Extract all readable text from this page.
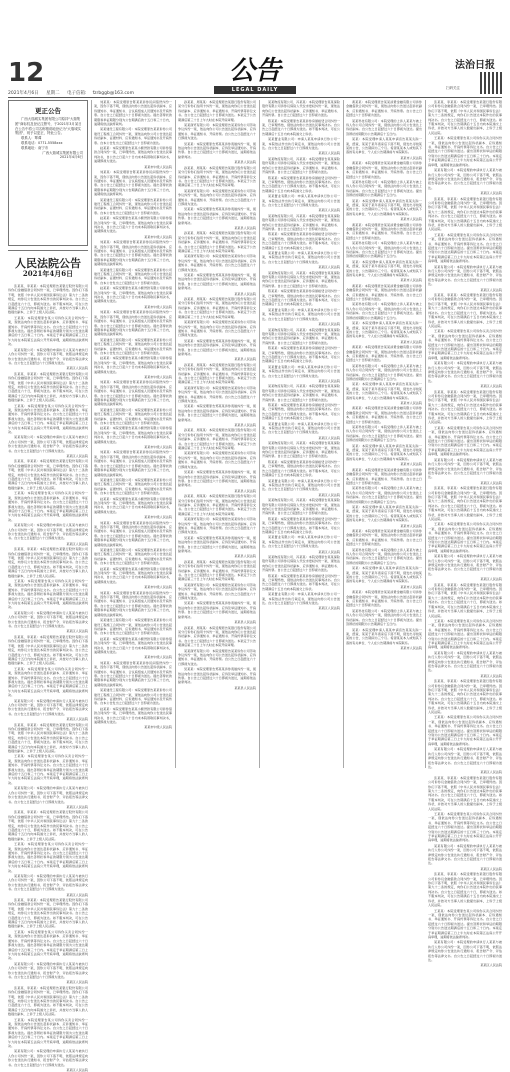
12
2021年4月6日 星期二 电子信箱: fzrbggb@163.com
公告
LEGAL DAILY
法治日报
扫码关注
更正公告

广西大瑞城实集团有限公司原持"大瑞集团"商标权及登记注册号，于2021年3月某日在公告中将公司名称错误地登记为"大瑞城实集团"，现予以更正，特此公告。

联系人：覃谭

联系电话：0771-5558xxx

联系地址：南宁市

广西大瑞城实集团有限公司

2021年4月6日

人民法院公告
2021年4月6日

张某某、李某某：本院受理原告某银行股份有限公司诉你们金融借款合同纠纷一案，已审理终结。因你们下落不明，依照《中华人民共和国民事诉讼法》第九十二条的规定，向你们公告送达本院作出的民事判决书。自公告之日起经过六十日，即视为送达。如不服本判决，可在公告期满后十五日内向本院递交上诉状，并按对方当事人的人数提出副本，上诉于上级人民法院。

王某某：本院受理原告某公司诉你买卖合同纠纷一案，现依法向你公告送达起诉状副本、应诉通知书、举证通知书、开庭传票等诉讼文书。自公告之日起经过六十日即视为送达。提出答辩状和举证的期限分别为公告送达期满后的十五日和三十日内。本案定于举证期满后第三日上午九时在本院第五法庭公开开庭审理，逾期将依法缺席判决。

某某有限公司：本院受理的申请执行人某某与被执行人你公司纠纷一案，因你公司下落不明，依照法律规定向你公告送达执行通知书、报告财产令、评估报告等法律文书。自公告之日起经过六十日即视为送达。

某某区人民法院

张某某、李某某：本院受理原告某银行股份有限公司诉你们金融借款合同纠纷一案，已审理终结。因你们下落不明，依照《中华人民共和国民事诉讼法》第九十二条的规定，向你们公告送达本院作出的民事判决书。自公告之日起经过六十日，即视为送达。如不服本判决，可在公告期满后十五日内向本院递交上诉状，并按对方当事人的人数提出副本，上诉于上级人民法院。

王某某：本院受理原告某公司诉你买卖合同纠纷一案，现依法向你公告送达起诉状副本、应诉通知书、举证通知书、开庭传票等诉讼文书。自公告之日起经过六十日即视为送达。提出答辩状和举证的期限分别为公告送达期满后的十五日和三十日内。本案定于举证期满后第三日上午九时在本院第五法庭公开开庭审理，逾期将依法缺席判决。

某某有限公司：本院受理的申请执行人某某与被执行人你公司纠纷一案，因你公司下落不明，依照法律规定向你公告送达执行通知书、报告财产令、评估报告等法律文书。自公告之日起经过六十日即视为送达。

某某区人民法院

张某某、李某某：本院受理原告某银行股份有限公司诉你们金融借款合同纠纷一案，已审理终结。因你们下落不明，依照《中华人民共和国民事诉讼法》第九十二条的规定，向你们公告送达本院作出的民事判决书。自公告之日起经过六十日，即视为送达。如不服本判决，可在公告期满后十五日内向本院递交上诉状，并按对方当事人的人数提出副本，上诉于上级人民法院。

王某某：本院受理原告某公司诉你买卖合同纠纷一案，现依法向你公告送达起诉状副本、应诉通知书、举证通知书、开庭传票等诉讼文书。自公告之日起经过六十日即视为送达。提出答辩状和举证的期限分别为公告送达期满后的十五日和三十日内。本案定于举证期满后第三日上午九时在本院第五法庭公开开庭审理，逾期将依法缺席判决。

某某有限公司：本院受理的申请执行人某某与被执行人你公司纠纷一案，因你公司下落不明，依照法律规定向你公告送达执行通知书、报告财产令、评估报告等法律文书。自公告之日起经过六十日即视为送达。

某某区人民法院

张某某、李某某：本院受理原告某银行股份有限公司诉你们金融借款合同纠纷一案，已审理终结。因你们下落不明，依照《中华人民共和国民事诉讼法》第九十二条的规定，向你们公告送达本院作出的民事判决书。自公告之日起经过六十日，即视为送达。如不服本判决，可在公告期满后十五日内向本院递交上诉状，并按对方当事人的人数提出副本，上诉于上级人民法院。

王某某：本院受理原告某公司诉你买卖合同纠纷一案，现依法向你公告送达起诉状副本、应诉通知书、举证通知书、开庭传票等诉讼文书。自公告之日起经过六十日即视为送达。提出答辩状和举证的期限分别为公告送达期满后的十五日和三十日内。本案定于举证期满后第三日上午九时在本院第五法庭公开开庭审理，逾期将依法缺席判决。

某某有限公司：本院受理的申请执行人某某与被执行人你公司纠纷一案，因你公司下落不明，依照法律规定向你公告送达执行通知书、报告财产令、评估报告等法律文书。自公告之日起经过六十日即视为送达。

某某区人民法院

张某某、李某某：本院受理原告某银行股份有限公司诉你们金融借款合同纠纷一案，已审理终结。因你们下落不明，依照《中华人民共和国民事诉讼法》第九十二条的规定，向你们公告送达本院作出的民事判决书。自公告之日起经过六十日，即视为送达。如不服本判决，可在公告期满后十五日内向本院递交上诉状，并按对方当事人的人数提出副本，上诉于上级人民法院。

王某某：本院受理原告某公司诉你买卖合同纠纷一案，现依法向你公告送达起诉状副本、应诉通知书、举证通知书、开庭传票等诉讼文书。自公告之日起经过六十日即视为送达。提出答辩状和举证的期限分别为公告送达期满后的十五日和三十日内。本案定于举证期满后第三日上午九时在本院第五法庭公开开庭审理，逾期将依法缺席判决。

某某有限公司：本院受理的申请执行人某某与被执行人你公司纠纷一案，因你公司下落不明，依照法律规定向你公告送达执行通知书、报告财产令、评估报告等法律文书。自公告之日起经过六十日即视为送达。

某某区人民法院

张某某、李某某：本院受理原告某银行股份有限公司诉你们金融借款合同纠纷一案，已审理终结。因你们下落不明，依照《中华人民共和国民事诉讼法》第九十二条的规定，向你们公告送达本院作出的民事判决书。自公告之日起经过六十日，即视为送达。如不服本判决，可在公告期满后十五日内向本院递交上诉状，并按对方当事人的人数提出副本，上诉于上级人民法院。

王某某：本院受理原告某公司诉你买卖合同纠纷一案，现依法向你公告送达起诉状副本、应诉通知书、举证通知书、开庭传票等诉讼文书。自公告之日起经过六十日即视为送达。提出答辩状和举证的期限分别为公告送达期满后的十五日和三十日内。本案定于举证期满后第三日上午九时在本院第五法庭公开开庭审理，逾期将依法缺席判决。

某某有限公司：本院受理的申请执行人某某与被执行人你公司纠纷一案，因你公司下落不明，依照法律规定向你公告送达执行通知书、报告财产令、评估报告等法律文书。自公告之日起经过六十日即视为送达。

某某区人民法院

张某某、李某某：本院受理原告某银行股份有限公司诉你们金融借款合同纠纷一案，已审理终结。因你们下落不明，依照《中华人民共和国民事诉讼法》第九十二条的规定，向你们公告送达本院作出的民事判决书。自公告之日起经过六十日，即视为送达。如不服本判决，可在公告期满后十五日内向本院递交上诉状，并按对方当事人的人数提出副本，上诉于上级人民法院。

王某某：本院受理原告某公司诉你买卖合同纠纷一案，现依法向你公告送达起诉状副本、应诉通知书、举证通知书、开庭传票等诉讼文书。自公告之日起经过六十日即视为送达。提出答辩状和举证的期限分别为公告送达期满后的十五日和三十日内。本案定于举证期满后第三日上午九时在本院第五法庭公开开庭审理，逾期将依法缺席判决。

某某有限公司：本院受理的申请执行人某某与被执行人你公司纠纷一案，因你公司下落不明，依照法律规定向你公告送达执行通知书、报告财产令、评估报告等法律文书。自公告之日起经过六十日即视为送达。

某某区人民法院

张某某、李某某：本院受理原告某银行股份有限公司诉你们金融借款合同纠纷一案，已审理终结。因你们下落不明，依照《中华人民共和国民事诉讼法》第九十二条的规定，向你们公告送达本院作出的民事判决书。自公告之日起经过六十日，即视为送达。如不服本判决，可在公告期满后十五日内向本院递交上诉状，并按对方当事人的人数提出副本，上诉于上级人民法院。

王某某：本院受理原告某公司诉你买卖合同纠纷一案，现依法向你公告送达起诉状副本、应诉通知书、举证通知书、开庭传票等诉讼文书。自公告之日起经过六十日即视为送达。提出答辩状和举证的期限分别为公告送达期满后的十五日和三十日内。本案定于举证期满后第三日上午九时在本院第五法庭公开开庭审理，逾期将依法缺席判决。

某某有限公司：本院受理的申请执行人某某与被执行人你公司纠纷一案，因你公司下落不明，依照法律规定向你公告送达执行通知书、报告财产令、评估报告等法律文书。自公告之日起经过六十日即视为送达。

某某区人民法院

张某某、李某某：本院受理原告某银行股份有限公司诉你们金融借款合同纠纷一案，已审理终结。因你们下落不明，依照《中华人民共和国民事诉讼法》第九十二条的规定，向你们公告送达本院作出的民事判决书。自公告之日起经过六十日，即视为送达。如不服本判决，可在公告期满后十五日内向本院递交上诉状，并按对方当事人的人数提出副本，上诉于上级人民法院。

王某某：本院受理原告某公司诉你买卖合同纠纷一案，现依法向你公告送达起诉状副本、应诉通知书、举证通知书、开庭传票等诉讼文书。自公告之日起经过六十日即视为送达。提出答辩状和举证的期限分别为公告送达期满后的十五日和三十日内。本案定于举证期满后第三日上午九时在本院第五法庭公开开庭审理，逾期将依法缺席判决。

某某有限公司：本院受理的申请执行人某某与被执行人你公司纠纷一案，因你公司下落不明，依照法律规定向你公告送达执行通知书、报告财产令、评估报告等法律文书。自公告之日起经过六十日即视为送达。

某某区人民法院

刘某某：本院受理原告陈某某诉你民间借贷纠纷一案，因你下落不明，现依法向你公告送达起诉状副本、应诉通知书、举证通知书、合议庭组成人员通知书及开庭传票。自公告之日起经过六十日即视为送达。提出答辩状的期限和举证期限分别为公告期满后的十五日和三十日内，逾期将依法缺席裁判。

某某建设工程有限公司：本院受理原告某某诉你公司建设工程施工合同纠纷一案，现依法向你公司公告送达起诉状副本、证据材料、应诉通知书、举证通知书及开庭传票。自本公告发出之日起经过六十日即视为送达。

赵某某：本院受理原告某某小额贷款有限公司诉你借款合同纠纷一案，已审理终结，现依法向你公告送达民事判决书，自公告之日起六十日内来本院领取民事判决书，逾期即视为送达。

某某市中级人民法院

刘某某：本院受理原告陈某某诉你民间借贷纠纷一案，因你下落不明，现依法向你公告送达起诉状副本、应诉通知书、举证通知书、合议庭组成人员通知书及开庭传票。自公告之日起经过六十日即视为送达。提出答辩状的期限和举证期限分别为公告期满后的十五日和三十日内，逾期将依法缺席裁判。

某某建设工程有限公司：本院受理原告某某诉你公司建设工程施工合同纠纷一案，现依法向你公司公告送达起诉状副本、证据材料、应诉通知书、举证通知书及开庭传票。自本公告发出之日起经过六十日即视为送达。

赵某某：本院受理原告某某小额贷款有限公司诉你借款合同纠纷一案，已审理终结，现依法向你公告送达民事判决书，自公告之日起六十日内来本院领取民事判决书，逾期即视为送达。

某某市中级人民法院

刘某某：本院受理原告陈某某诉你民间借贷纠纷一案，因你下落不明，现依法向你公告送达起诉状副本、应诉通知书、举证通知书、合议庭组成人员通知书及开庭传票。自公告之日起经过六十日即视为送达。提出答辩状的期限和举证期限分别为公告期满后的十五日和三十日内，逾期将依法缺席裁判。

某某建设工程有限公司：本院受理原告某某诉你公司建设工程施工合同纠纷一案，现依法向你公司公告送达起诉状副本、证据材料、应诉通知书、举证通知书及开庭传票。自本公告发出之日起经过六十日即视为送达。

赵某某：本院受理原告某某小额贷款有限公司诉你借款合同纠纷一案，已审理终结，现依法向你公告送达民事判决书，自公告之日起六十日内来本院领取民事判决书，逾期即视为送达。

某某市中级人民法院

刘某某：本院受理原告陈某某诉你民间借贷纠纷一案，因你下落不明，现依法向你公告送达起诉状副本、应诉通知书、举证通知书、合议庭组成人员通知书及开庭传票。自公告之日起经过六十日即视为送达。提出答辩状的期限和举证期限分别为公告期满后的十五日和三十日内，逾期将依法缺席裁判。

某某建设工程有限公司：本院受理原告某某诉你公司建设工程施工合同纠纷一案，现依法向你公司公告送达起诉状副本、证据材料、应诉通知书、举证通知书及开庭传票。自本公告发出之日起经过六十日即视为送达。

赵某某：本院受理原告某某小额贷款有限公司诉你借款合同纠纷一案，已审理终结，现依法向你公告送达民事判决书，自公告之日起六十日内来本院领取民事判决书，逾期即视为送达。

某某市中级人民法院

刘某某：本院受理原告陈某某诉你民间借贷纠纷一案，因你下落不明，现依法向你公告送达起诉状副本、应诉通知书、举证通知书、合议庭组成人员通知书及开庭传票。自公告之日起经过六十日即视为送达。提出答辩状的期限和举证期限分别为公告期满后的十五日和三十日内，逾期将依法缺席裁判。

某某建设工程有限公司：本院受理原告某某诉你公司建设工程施工合同纠纷一案，现依法向你公司公告送达起诉状副本、证据材料、应诉通知书、举证通知书及开庭传票。自本公告发出之日起经过六十日即视为送达。

赵某某：本院受理原告某某小额贷款有限公司诉你借款合同纠纷一案，已审理终结，现依法向你公告送达民事判决书，自公告之日起六十日内来本院领取民事判决书，逾期即视为送达。

某某市中级人民法院

刘某某：本院受理原告陈某某诉你民间借贷纠纷一案，因你下落不明，现依法向你公告送达起诉状副本、应诉通知书、举证通知书、合议庭组成人员通知书及开庭传票。自公告之日起经过六十日即视为送达。提出答辩状的期限和举证期限分别为公告期满后的十五日和三十日内，逾期将依法缺席裁判。

某某建设工程有限公司：本院受理原告某某诉你公司建设工程施工合同纠纷一案，现依法向你公司公告送达起诉状副本、证据材料、应诉通知书、举证通知书及开庭传票。自本公告发出之日起经过六十日即视为送达。

赵某某：本院受理原告某某小额贷款有限公司诉你借款合同纠纷一案，已审理终结，现依法向你公告送达民事判决书，自公告之日起六十日内来本院领取民事判决书，逾期即视为送达。

某某市中级人民法院

刘某某：本院受理原告陈某某诉你民间借贷纠纷一案，因你下落不明，现依法向你公告送达起诉状副本、应诉通知书、举证通知书、合议庭组成人员通知书及开庭传票。自公告之日起经过六十日即视为送达。提出答辩状的期限和举证期限分别为公告期满后的十五日和三十日内，逾期将依法缺席裁判。

某某建设工程有限公司：本院受理原告某某诉你公司建设工程施工合同纠纷一案，现依法向你公司公告送达起诉状副本、证据材料、应诉通知书、举证通知书及开庭传票。自本公告发出之日起经过六十日即视为送达。

赵某某：本院受理原告某某小额贷款有限公司诉你借款合同纠纷一案，已审理终结，现依法向你公告送达民事判决书，自公告之日起六十日内来本院领取民事判决书，逾期即视为送达。

某某市中级人民法院

刘某某：本院受理原告陈某某诉你民间借贷纠纷一案，因你下落不明，现依法向你公告送达起诉状副本、应诉通知书、举证通知书、合议庭组成人员通知书及开庭传票。自公告之日起经过六十日即视为送达。提出答辩状的期限和举证期限分别为公告期满后的十五日和三十日内，逾期将依法缺席裁判。

某某建设工程有限公司：本院受理原告某某诉你公司建设工程施工合同纠纷一案，现依法向你公司公告送达起诉状副本、证据材料、应诉通知书、举证通知书及开庭传票。自本公告发出之日起经过六十日即视为送达。

赵某某：本院受理原告某某小额贷款有限公司诉你借款合同纠纷一案，已审理终结，现依法向你公告送达民事判决书，自公告之日起六十日内来本院领取民事判决书，逾期即视为送达。

某某市中级人民法院

刘某某：本院受理原告陈某某诉你民间借贷纠纷一案，因你下落不明，现依法向你公告送达起诉状副本、应诉通知书、举证通知书、合议庭组成人员通知书及开庭传票。自公告之日起经过六十日即视为送达。提出答辩状的期限和举证期限分别为公告期满后的十五日和三十日内，逾期将依法缺席裁判。

某某建设工程有限公司：本院受理原告某某诉你公司建设工程施工合同纠纷一案，现依法向你公司公告送达起诉状副本、证据材料、应诉通知书、举证通知书及开庭传票。自本公告发出之日起经过六十日即视为送达。

赵某某：本院受理原告某某小额贷款有限公司诉你借款合同纠纷一案，已审理终结，现依法向你公告送达民事判决书，自公告之日起六十日内来本院领取民事判决书，逾期即视为送达。

某某市中级人民法院

孙某某、周某某：本院受理原告某银行股份有限公司某分行诉你们信用卡纠纷一案，现依法向你们公告送达起诉状副本、应诉通知书、举证通知书、开庭传票等诉讼文书。自公告之日起经过六十日即视为送达。本案定于公告期满后第三十日上午九时在本院开庭审理。

某某商贸有限公司：本院受理原告某某诉你公司劳动争议纠纷一案，依法向你公司公告送达起诉状副本、应诉通知书、举证通知书、开庭传票。自公告之日起经过六十日即视为送达。

吴某某：本院受理原告郑某某诉你离婚纠纷一案，现依法向你公告送达起诉状副本、应诉及举证通知书、开庭传票。自公告之日起经过六十日即视为送达，逾期将依法缺席判决。

某某县人民法院

孙某某、周某某：本院受理原告某银行股份有限公司某分行诉你们信用卡纠纷一案，现依法向你们公告送达起诉状副本、应诉通知书、举证通知书、开庭传票等诉讼文书。自公告之日起经过六十日即视为送达。本案定于公告期满后第三十日上午九时在本院开庭审理。

某某商贸有限公司：本院受理原告某某诉你公司劳动争议纠纷一案，依法向你公司公告送达起诉状副本、应诉通知书、举证通知书、开庭传票。自公告之日起经过六十日即视为送达。

吴某某：本院受理原告郑某某诉你离婚纠纷一案，现依法向你公告送达起诉状副本、应诉及举证通知书、开庭传票。自公告之日起经过六十日即视为送达，逾期将依法缺席判决。

某某县人民法院

孙某某、周某某：本院受理原告某银行股份有限公司某分行诉你们信用卡纠纷一案，现依法向你们公告送达起诉状副本、应诉通知书、举证通知书、开庭传票等诉讼文书。自公告之日起经过六十日即视为送达。本案定于公告期满后第三十日上午九时在本院开庭审理。

某某商贸有限公司：本院受理原告某某诉你公司劳动争议纠纷一案，依法向你公司公告送达起诉状副本、应诉通知书、举证通知书、开庭传票。自公告之日起经过六十日即视为送达。

吴某某：本院受理原告郑某某诉你离婚纠纷一案，现依法向你公告送达起诉状副本、应诉及举证通知书、开庭传票。自公告之日起经过六十日即视为送达，逾期将依法缺席判决。

某某县人民法院

孙某某、周某某：本院受理原告某银行股份有限公司某分行诉你们信用卡纠纷一案，现依法向你们公告送达起诉状副本、应诉通知书、举证通知书、开庭传票等诉讼文书。自公告之日起经过六十日即视为送达。本案定于公告期满后第三十日上午九时在本院开庭审理。

某某商贸有限公司：本院受理原告某某诉你公司劳动争议纠纷一案，依法向你公司公告送达起诉状副本、应诉通知书、举证通知书、开庭传票。自公告之日起经过六十日即视为送达。

吴某某：本院受理原告郑某某诉你离婚纠纷一案，现依法向你公告送达起诉状副本、应诉及举证通知书、开庭传票。自公告之日起经过六十日即视为送达，逾期将依法缺席判决。

某某县人民法院

孙某某、周某某：本院受理原告某银行股份有限公司某分行诉你们信用卡纠纷一案，现依法向你们公告送达起诉状副本、应诉通知书、举证通知书、开庭传票等诉讼文书。自公告之日起经过六十日即视为送达。本案定于公告期满后第三十日上午九时在本院开庭审理。

某某商贸有限公司：本院受理原告某某诉你公司劳动争议纠纷一案，依法向你公司公告送达起诉状副本、应诉通知书、举证通知书、开庭传票。自公告之日起经过六十日即视为送达。

吴某某：本院受理原告郑某某诉你离婚纠纷一案，现依法向你公告送达起诉状副本、应诉及举证通知书、开庭传票。自公告之日起经过六十日即视为送达，逾期将依法缺席判决。

某某县人民法院

孙某某、周某某：本院受理原告某银行股份有限公司某分行诉你们信用卡纠纷一案，现依法向你们公告送达起诉状副本、应诉通知书、举证通知书、开庭传票等诉讼文书。自公告之日起经过六十日即视为送达。本案定于公告期满后第三十日上午九时在本院开庭审理。

某某商贸有限公司：本院受理原告某某诉你公司劳动争议纠纷一案，依法向你公司公告送达起诉状副本、应诉通知书、举证通知书、开庭传票。自公告之日起经过六十日即视为送达。

吴某某：本院受理原告郑某某诉你离婚纠纷一案，现依法向你公告送达起诉状副本、应诉及举证通知书、开庭传票。自公告之日起经过六十日即视为送达，逾期将依法缺席判决。

某某县人民法院

孙某某、周某某：本院受理原告某银行股份有限公司某分行诉你们信用卡纠纷一案，现依法向你们公告送达起诉状副本、应诉通知书、举证通知书、开庭传票等诉讼文书。自公告之日起经过六十日即视为送达。本案定于公告期满后第三十日上午九时在本院开庭审理。

某某商贸有限公司：本院受理原告某某诉你公司劳动争议纠纷一案，依法向你公司公告送达起诉状副本、应诉通知书、举证通知书、开庭传票。自公告之日起经过六十日即视为送达。

吴某某：本院受理原告郑某某诉你离婚纠纷一案，现依法向你公告送达起诉状副本、应诉及举证通知书、开庭传票。自公告之日起经过六十日即视为送达，逾期将依法缺席判决。

某某县人民法院

孙某某、周某某：本院受理原告某银行股份有限公司某分行诉你们信用卡纠纷一案，现依法向你们公告送达起诉状副本、应诉通知书、举证通知书、开庭传票等诉讼文书。自公告之日起经过六十日即视为送达。本案定于公告期满后第三十日上午九时在本院开庭审理。

某某商贸有限公司：本院受理原告某某诉你公司劳动争议纠纷一案，依法向你公司公告送达起诉状副本、应诉通知书、举证通知书、开庭传票。自公告之日起经过六十日即视为送达。

吴某某：本院受理原告郑某某诉你离婚纠纷一案，现依法向你公告送达起诉状副本、应诉及举证通知书、开庭传票。自公告之日起经过六十日即视为送达，逾期将依法缺席判决。

某某县人民法院

孙某某、周某某：本院受理原告某银行股份有限公司某分行诉你们信用卡纠纷一案，现依法向你们公告送达起诉状副本、应诉通知书、举证通知书、开庭传票等诉讼文书。自公告之日起经过六十日即视为送达。本案定于公告期满后第三十日上午九时在本院开庭审理。

某某商贸有限公司：本院受理原告某某诉你公司劳动争议纠纷一案，依法向你公司公告送达起诉状副本、应诉通知书、举证通知书、开庭传票。自公告之日起经过六十日即视为送达。

吴某某：本院受理原告郑某某诉你离婚纠纷一案，现依法向你公告送达起诉状副本、应诉及举证通知书、开庭传票。自公告之日起经过六十日即视为送达，逾期将依法缺席判决。

某某县人民法院

某某物流有限公司、冯某某：本院受理原告某某保险股份有限公司诉你们保险人代位求偿权纠纷一案，现依法向你们公告送达起诉状副本、应诉通知书、举证通知书、开庭传票。自公告之日起经过六十日即视为送达。

陈某某：本院受理原告某某诉你房屋租赁合同纠纷一案，已审理终结，现依法向你公告送达民事判决书。自公告之日起经过六十日即视为送达。如不服本判决，可在公告期满后十五日内向本院递交上诉状。

某某置业有限公司：申请人某某申请执行你公司一案，本院依法作出执行裁定书，现依法向你公司公告送达。自公告之日起经过六十日即视为送达。

某某区人民法院

某某物流有限公司、冯某某：本院受理原告某某保险股份有限公司诉你们保险人代位求偿权纠纷一案，现依法向你们公告送达起诉状副本、应诉通知书、举证通知书、开庭传票。自公告之日起经过六十日即视为送达。

陈某某：本院受理原告某某诉你房屋租赁合同纠纷一案，已审理终结，现依法向你公告送达民事判决书。自公告之日起经过六十日即视为送达。如不服本判决，可在公告期满后十五日内向本院递交上诉状。

某某置业有限公司：申请人某某申请执行你公司一案，本院依法作出执行裁定书，现依法向你公司公告送达。自公告之日起经过六十日即视为送达。

某某区人民法院

某某物流有限公司、冯某某：本院受理原告某某保险股份有限公司诉你们保险人代位求偿权纠纷一案，现依法向你们公告送达起诉状副本、应诉通知书、举证通知书、开庭传票。自公告之日起经过六十日即视为送达。

陈某某：本院受理原告某某诉你房屋租赁合同纠纷一案，已审理终结，现依法向你公告送达民事判决书。自公告之日起经过六十日即视为送达。如不服本判决，可在公告期满后十五日内向本院递交上诉状。

某某置业有限公司：申请人某某申请执行你公司一案，本院依法作出执行裁定书，现依法向你公司公告送达。自公告之日起经过六十日即视为送达。

某某区人民法院

某某物流有限公司、冯某某：本院受理原告某某保险股份有限公司诉你们保险人代位求偿权纠纷一案，现依法向你们公告送达起诉状副本、应诉通知书、举证通知书、开庭传票。自公告之日起经过六十日即视为送达。

陈某某：本院受理原告某某诉你房屋租赁合同纠纷一案，已审理终结，现依法向你公告送达民事判决书。自公告之日起经过六十日即视为送达。如不服本判决，可在公告期满后十五日内向本院递交上诉状。

某某置业有限公司：申请人某某申请执行你公司一案，本院依法作出执行裁定书，现依法向你公司公告送达。自公告之日起经过六十日即视为送达。

某某区人民法院

某某物流有限公司、冯某某：本院受理原告某某保险股份有限公司诉你们保险人代位求偿权纠纷一案，现依法向你们公告送达起诉状副本、应诉通知书、举证通知书、开庭传票。自公告之日起经过六十日即视为送达。

陈某某：本院受理原告某某诉你房屋租赁合同纠纷一案，已审理终结，现依法向你公告送达民事判决书。自公告之日起经过六十日即视为送达。如不服本判决，可在公告期满后十五日内向本院递交上诉状。

某某置业有限公司：申请人某某申请执行你公司一案，本院依法作出执行裁定书，现依法向你公司公告送达。自公告之日起经过六十日即视为送达。

某某区人民法院

某某物流有限公司、冯某某：本院受理原告某某保险股份有限公司诉你们保险人代位求偿权纠纷一案，现依法向你们公告送达起诉状副本、应诉通知书、举证通知书、开庭传票。自公告之日起经过六十日即视为送达。

陈某某：本院受理原告某某诉你房屋租赁合同纠纷一案，已审理终结，现依法向你公告送达民事判决书。自公告之日起经过六十日即视为送达。如不服本判决，可在公告期满后十五日内向本院递交上诉状。

某某置业有限公司：申请人某某申请执行你公司一案，本院依法作出执行裁定书，现依法向你公司公告送达。自公告之日起经过六十日即视为送达。

某某区人民法院

某某物流有限公司、冯某某：本院受理原告某某保险股份有限公司诉你们保险人代位求偿权纠纷一案，现依法向你们公告送达起诉状副本、应诉通知书、举证通知书、开庭传票。自公告之日起经过六十日即视为送达。

陈某某：本院受理原告某某诉你房屋租赁合同纠纷一案，已审理终结，现依法向你公告送达民事判决书。自公告之日起经过六十日即视为送达。如不服本判决，可在公告期满后十五日内向本院递交上诉状。

某某置业有限公司：申请人某某申请执行你公司一案，本院依法作出执行裁定书，现依法向你公司公告送达。自公告之日起经过六十日即视为送达。

某某区人民法院

某某物流有限公司、冯某某：本院受理原告某某保险股份有限公司诉你们保险人代位求偿权纠纷一案，现依法向你们公告送达起诉状副本、应诉通知书、举证通知书、开庭传票。自公告之日起经过六十日即视为送达。

陈某某：本院受理原告某某诉你房屋租赁合同纠纷一案，已审理终结，现依法向你公告送达民事判决书。自公告之日起经过六十日即视为送达。如不服本判决，可在公告期满后十五日内向本院递交上诉状。

某某置业有限公司：申请人某某申请执行你公司一案，本院依法作出执行裁定书，现依法向你公司公告送达。自公告之日起经过六十日即视为送达。

某某区人民法院

某某物流有限公司、冯某某：本院受理原告某某保险股份有限公司诉你们保险人代位求偿权纠纷一案，现依法向你们公告送达起诉状副本、应诉通知书、举证通知书、开庭传票。自公告之日起经过六十日即视为送达。

陈某某：本院受理原告某某诉你房屋租赁合同纠纷一案，已审理终结，现依法向你公告送达民事判决书。自公告之日起经过六十日即视为送达。如不服本判决，可在公告期满后十五日内向本院递交上诉状。

某某置业有限公司：申请人某某申请执行你公司一案，本院依法作出执行裁定书，现依法向你公司公告送达。自公告之日起经过六十日即视为送达。

某某区人民法院

黄某某：本院受理原告某某消费金融有限公司诉你金融借款合同纠纷一案，现依法向你公告送达起诉状副本、应诉通知书、举证通知书、开庭传票。自公告之日起经过六十日即视为送达。

某某科技有限公司：本院受理的上诉人某某与被上诉人你公司合同纠纷一案，现依法向你公司公告送达上诉状副本。自公告之日起经过六十日即视为送达。提出答辩状的期限为公告期满后十五日内。

某某：本院受理申请人某某申请宣告某某失踪一案，经查，某某于某年离家后下落不明，现发出寻找某某的公告，公告期间为三个月。希望某某本人或知其下落的有关单位、个人在公告期满前与本院联系。

某某市人民法院

黄某某：本院受理原告某某消费金融有限公司诉你金融借款合同纠纷一案，现依法向你公告送达起诉状副本、应诉通知书、举证通知书、开庭传票。自公告之日起经过六十日即视为送达。

某某科技有限公司：本院受理的上诉人某某与被上诉人你公司合同纠纷一案，现依法向你公司公告送达上诉状副本。自公告之日起经过六十日即视为送达。提出答辩状的期限为公告期满后十五日内。

某某：本院受理申请人某某申请宣告某某失踪一案，经查，某某于某年离家后下落不明，现发出寻找某某的公告，公告期间为三个月。希望某某本人或知其下落的有关单位、个人在公告期满前与本院联系。

某某市人民法院

黄某某：本院受理原告某某消费金融有限公司诉你金融借款合同纠纷一案，现依法向你公告送达起诉状副本、应诉通知书、举证通知书、开庭传票。自公告之日起经过六十日即视为送达。

某某科技有限公司：本院受理的上诉人某某与被上诉人你公司合同纠纷一案，现依法向你公司公告送达上诉状副本。自公告之日起经过六十日即视为送达。提出答辩状的期限为公告期满后十五日内。

某某：本院受理申请人某某申请宣告某某失踪一案，经查，某某于某年离家后下落不明，现发出寻找某某的公告，公告期间为三个月。希望某某本人或知其下落的有关单位、个人在公告期满前与本院联系。

某某市人民法院

黄某某：本院受理原告某某消费金融有限公司诉你金融借款合同纠纷一案，现依法向你公告送达起诉状副本、应诉通知书、举证通知书、开庭传票。自公告之日起经过六十日即视为送达。

某某科技有限公司：本院受理的上诉人某某与被上诉人你公司合同纠纷一案，现依法向你公司公告送达上诉状副本。自公告之日起经过六十日即视为送达。提出答辩状的期限为公告期满后十五日内。

某某：本院受理申请人某某申请宣告某某失踪一案，经查，某某于某年离家后下落不明，现发出寻找某某的公告，公告期间为三个月。希望某某本人或知其下落的有关单位、个人在公告期满前与本院联系。

某某市人民法院

黄某某：本院受理原告某某消费金融有限公司诉你金融借款合同纠纷一案，现依法向你公告送达起诉状副本、应诉通知书、举证通知书、开庭传票。自公告之日起经过六十日即视为送达。

某某科技有限公司：本院受理的上诉人某某与被上诉人你公司合同纠纷一案，现依法向你公司公告送达上诉状副本。自公告之日起经过六十日即视为送达。提出答辩状的期限为公告期满后十五日内。

某某：本院受理申请人某某申请宣告某某失踪一案，经查，某某于某年离家后下落不明，现发出寻找某某的公告，公告期间为三个月。希望某某本人或知其下落的有关单位、个人在公告期满前与本院联系。

某某市人民法院

黄某某：本院受理原告某某消费金融有限公司诉你金融借款合同纠纷一案，现依法向你公告送达起诉状副本、应诉通知书、举证通知书、开庭传票。自公告之日起经过六十日即视为送达。

某某科技有限公司：本院受理的上诉人某某与被上诉人你公司合同纠纷一案，现依法向你公司公告送达上诉状副本。自公告之日起经过六十日即视为送达。提出答辩状的期限为公告期满后十五日内。

某某：本院受理申请人某某申请宣告某某失踪一案，经查，某某于某年离家后下落不明，现发出寻找某某的公告，公告期间为三个月。希望某某本人或知其下落的有关单位、个人在公告期满前与本院联系。

某某市人民法院

黄某某：本院受理原告某某消费金融有限公司诉你金融借款合同纠纷一案，现依法向你公告送达起诉状副本、应诉通知书、举证通知书、开庭传票。自公告之日起经过六十日即视为送达。

某某科技有限公司：本院受理的上诉人某某与被上诉人你公司合同纠纷一案，现依法向你公司公告送达上诉状副本。自公告之日起经过六十日即视为送达。提出答辩状的期限为公告期满后十五日内。

某某：本院受理申请人某某申请宣告某某失踪一案，经查，某某于某年离家后下落不明，现发出寻找某某的公告，公告期间为三个月。希望某某本人或知其下落的有关单位、个人在公告期满前与本院联系。

某某市人民法院

黄某某：本院受理原告某某消费金融有限公司诉你金融借款合同纠纷一案，现依法向你公告送达起诉状副本、应诉通知书、举证通知书、开庭传票。自公告之日起经过六十日即视为送达。

某某科技有限公司：本院受理的上诉人某某与被上诉人你公司合同纠纷一案，现依法向你公司公告送达上诉状副本。自公告之日起经过六十日即视为送达。提出答辩状的期限为公告期满后十五日内。

某某：本院受理申请人某某申请宣告某某失踪一案，经查，某某于某年离家后下落不明，现发出寻找某某的公告，公告期间为三个月。希望某某本人或知其下落的有关单位、个人在公告期满前与本院联系。

某某市人民法院

黄某某：本院受理原告某某消费金融有限公司诉你金融借款合同纠纷一案，现依法向你公告送达起诉状副本、应诉通知书、举证通知书、开庭传票。自公告之日起经过六十日即视为送达。

某某科技有限公司：本院受理的上诉人某某与被上诉人你公司合同纠纷一案，现依法向你公司公告送达上诉状副本。自公告之日起经过六十日即视为送达。提出答辩状的期限为公告期满后十五日内。

某某：本院受理申请人某某申请宣告某某失踪一案，经查，某某于某年离家后下落不明，现发出寻找某某的公告，公告期间为三个月。希望某某本人或知其下落的有关单位、个人在公告期满前与本院联系。

某某市人民法院

张某某、李某某：本院受理原告某银行股份有限公司诉你们金融借款合同纠纷一案，已审理终结。因你们下落不明，依照《中华人民共和国民事诉讼法》第九十二条的规定，向你们公告送达本院作出的民事判决书。自公告之日起经过六十日，即视为送达。如不服本判决，可在公告期满后十五日内向本院递交上诉状，并按对方当事人的人数提出副本，上诉于上级人民法院。

王某某：本院受理原告某公司诉你买卖合同纠纷一案，现依法向你公告送达起诉状副本、应诉通知书、举证通知书、开庭传票等诉讼文书。自公告之日起经过六十日即视为送达。提出答辩状和举证的期限分别为公告送达期满后的十五日和三十日内。本案定于举证期满后第三日上午九时在本院第五法庭公开开庭审理，逾期将依法缺席判决。

某某有限公司：本院受理的申请执行人某某与被执行人你公司纠纷一案，因你公司下落不明，依照法律规定向你公告送达执行通知书、报告财产令、评估报告等法律文书。自公告之日起经过六十日即视为送达。

某某区人民法院

张某某、李某某：本院受理原告某银行股份有限公司诉你们金融借款合同纠纷一案，已审理终结。因你们下落不明，依照《中华人民共和国民事诉讼法》第九十二条的规定，向你们公告送达本院作出的民事判决书。自公告之日起经过六十日，即视为送达。如不服本判决，可在公告期满后十五日内向本院递交上诉状，并按对方当事人的人数提出副本，上诉于上级人民法院。

王某某：本院受理原告某公司诉你买卖合同纠纷一案，现依法向你公告送达起诉状副本、应诉通知书、举证通知书、开庭传票等诉讼文书。自公告之日起经过六十日即视为送达。提出答辩状和举证的期限分别为公告送达期满后的十五日和三十日内。本案定于举证期满后第三日上午九时在本院第五法庭公开开庭审理，逾期将依法缺席判决。

某某有限公司：本院受理的申请执行人某某与被执行人你公司纠纷一案，因你公司下落不明，依照法律规定向你公告送达执行通知书、报告财产令、评估报告等法律文书。自公告之日起经过六十日即视为送达。

某某区人民法院

张某某、李某某：本院受理原告某银行股份有限公司诉你们金融借款合同纠纷一案，已审理终结。因你们下落不明，依照《中华人民共和国民事诉讼法》第九十二条的规定，向你们公告送达本院作出的民事判决书。自公告之日起经过六十日，即视为送达。如不服本判决，可在公告期满后十五日内向本院递交上诉状，并按对方当事人的人数提出副本，上诉于上级人民法院。

王某某：本院受理原告某公司诉你买卖合同纠纷一案，现依法向你公告送达起诉状副本、应诉通知书、举证通知书、开庭传票等诉讼文书。自公告之日起经过六十日即视为送达。提出答辩状和举证的期限分别为公告送达期满后的十五日和三十日内。本案定于举证期满后第三日上午九时在本院第五法庭公开开庭审理，逾期将依法缺席判决。

某某有限公司：本院受理的申请执行人某某与被执行人你公司纠纷一案，因你公司下落不明，依照法律规定向你公告送达执行通知书、报告财产令、评估报告等法律文书。自公告之日起经过六十日即视为送达。

某某区人民法院

张某某、李某某：本院受理原告某银行股份有限公司诉你们金融借款合同纠纷一案，已审理终结。因你们下落不明，依照《中华人民共和国民事诉讼法》第九十二条的规定，向你们公告送达本院作出的民事判决书。自公告之日起经过六十日，即视为送达。如不服本判决，可在公告期满后十五日内向本院递交上诉状，并按对方当事人的人数提出副本，上诉于上级人民法院。

王某某：本院受理原告某公司诉你买卖合同纠纷一案，现依法向你公告送达起诉状副本、应诉通知书、举证通知书、开庭传票等诉讼文书。自公告之日起经过六十日即视为送达。提出答辩状和举证的期限分别为公告送达期满后的十五日和三十日内。本案定于举证期满后第三日上午九时在本院第五法庭公开开庭审理，逾期将依法缺席判决。

某某有限公司：本院受理的申请执行人某某与被执行人你公司纠纷一案，因你公司下落不明，依照法律规定向你公告送达执行通知书、报告财产令、评估报告等法律文书。自公告之日起经过六十日即视为送达。

某某区人民法院

张某某、李某某：本院受理原告某银行股份有限公司诉你们金融借款合同纠纷一案，已审理终结。因你们下落不明，依照《中华人民共和国民事诉讼法》第九十二条的规定，向你们公告送达本院作出的民事判决书。自公告之日起经过六十日，即视为送达。如不服本判决，可在公告期满后十五日内向本院递交上诉状，并按对方当事人的人数提出副本，上诉于上级人民法院。

王某某：本院受理原告某公司诉你买卖合同纠纷一案，现依法向你公告送达起诉状副本、应诉通知书、举证通知书、开庭传票等诉讼文书。自公告之日起经过六十日即视为送达。提出答辩状和举证的期限分别为公告送达期满后的十五日和三十日内。本案定于举证期满后第三日上午九时在本院第五法庭公开开庭审理，逾期将依法缺席判决。

某某有限公司：本院受理的申请执行人某某与被执行人你公司纠纷一案，因你公司下落不明，依照法律规定向你公告送达执行通知书、报告财产令、评估报告等法律文书。自公告之日起经过六十日即视为送达。

某某区人民法院

张某某、李某某：本院受理原告某银行股份有限公司诉你们金融借款合同纠纷一案，已审理终结。因你们下落不明，依照《中华人民共和国民事诉讼法》第九十二条的规定，向你们公告送达本院作出的民事判决书。自公告之日起经过六十日，即视为送达。如不服本判决，可在公告期满后十五日内向本院递交上诉状，并按对方当事人的人数提出副本，上诉于上级人民法院。

王某某：本院受理原告某公司诉你买卖合同纠纷一案，现依法向你公告送达起诉状副本、应诉通知书、举证通知书、开庭传票等诉讼文书。自公告之日起经过六十日即视为送达。提出答辩状和举证的期限分别为公告送达期满后的十五日和三十日内。本案定于举证期满后第三日上午九时在本院第五法庭公开开庭审理，逾期将依法缺席判决。

某某有限公司：本院受理的申请执行人某某与被执行人你公司纠纷一案，因你公司下落不明，依照法律规定向你公告送达执行通知书、报告财产令、评估报告等法律文书。自公告之日起经过六十日即视为送达。

某某区人民法院

张某某、李某某：本院受理原告某银行股份有限公司诉你们金融借款合同纠纷一案，已审理终结。因你们下落不明，依照《中华人民共和国民事诉讼法》第九十二条的规定，向你们公告送达本院作出的民事判决书。自公告之日起经过六十日，即视为送达。如不服本判决，可在公告期满后十五日内向本院递交上诉状，并按对方当事人的人数提出副本，上诉于上级人民法院。

王某某：本院受理原告某公司诉你买卖合同纠纷一案，现依法向你公告送达起诉状副本、应诉通知书、举证通知书、开庭传票等诉讼文书。自公告之日起经过六十日即视为送达。提出答辩状和举证的期限分别为公告送达期满后的十五日和三十日内。本案定于举证期满后第三日上午九时在本院第五法庭公开开庭审理，逾期将依法缺席判决。

某某有限公司：本院受理的申请执行人某某与被执行人你公司纠纷一案，因你公司下落不明，依照法律规定向你公告送达执行通知书、报告财产令、评估报告等法律文书。自公告之日起经过六十日即视为送达。

某某区人民法院

张某某、李某某：本院受理原告某银行股份有限公司诉你们金融借款合同纠纷一案，已审理终结。因你们下落不明，依照《中华人民共和国民事诉讼法》第九十二条的规定，向你们公告送达本院作出的民事判决书。自公告之日起经过六十日，即视为送达。如不服本判决，可在公告期满后十五日内向本院递交上诉状，并按对方当事人的人数提出副本，上诉于上级人民法院。

王某某：本院受理原告某公司诉你买卖合同纠纷一案，现依法向你公告送达起诉状副本、应诉通知书、举证通知书、开庭传票等诉讼文书。自公告之日起经过六十日即视为送达。提出答辩状和举证的期限分别为公告送达期满后的十五日和三十日内。本案定于举证期满后第三日上午九时在本院第五法庭公开开庭审理，逾期将依法缺席判决。

某某有限公司：本院受理的申请执行人某某与被执行人你公司纠纷一案，因你公司下落不明，依照法律规定向你公告送达执行通知书、报告财产令、评估报告等法律文书。自公告之日起经过六十日即视为送达。

某某区人民法院

张某某、李某某：本院受理原告某银行股份有限公司诉你们金融借款合同纠纷一案，已审理终结。因你们下落不明，依照《中华人民共和国民事诉讼法》第九十二条的规定，向你们公告送达本院作出的民事判决书。自公告之日起经过六十日，即视为送达。如不服本判决，可在公告期满后十五日内向本院递交上诉状，并按对方当事人的人数提出副本，上诉于上级人民法院。

王某某：本院受理原告某公司诉你买卖合同纠纷一案，现依法向你公告送达起诉状副本、应诉通知书、举证通知书、开庭传票等诉讼文书。自公告之日起经过六十日即视为送达。提出答辩状和举证的期限分别为公告送达期满后的十五日和三十日内。本案定于举证期满后第三日上午九时在本院第五法庭公开开庭审理，逾期将依法缺席判决。

某某有限公司：本院受理的申请执行人某某与被执行人你公司纠纷一案，因你公司下落不明，依照法律规定向你公告送达执行通知书、报告财产令、评估报告等法律文书。自公告之日起经过六十日即视为送达。

某某区人民法院
